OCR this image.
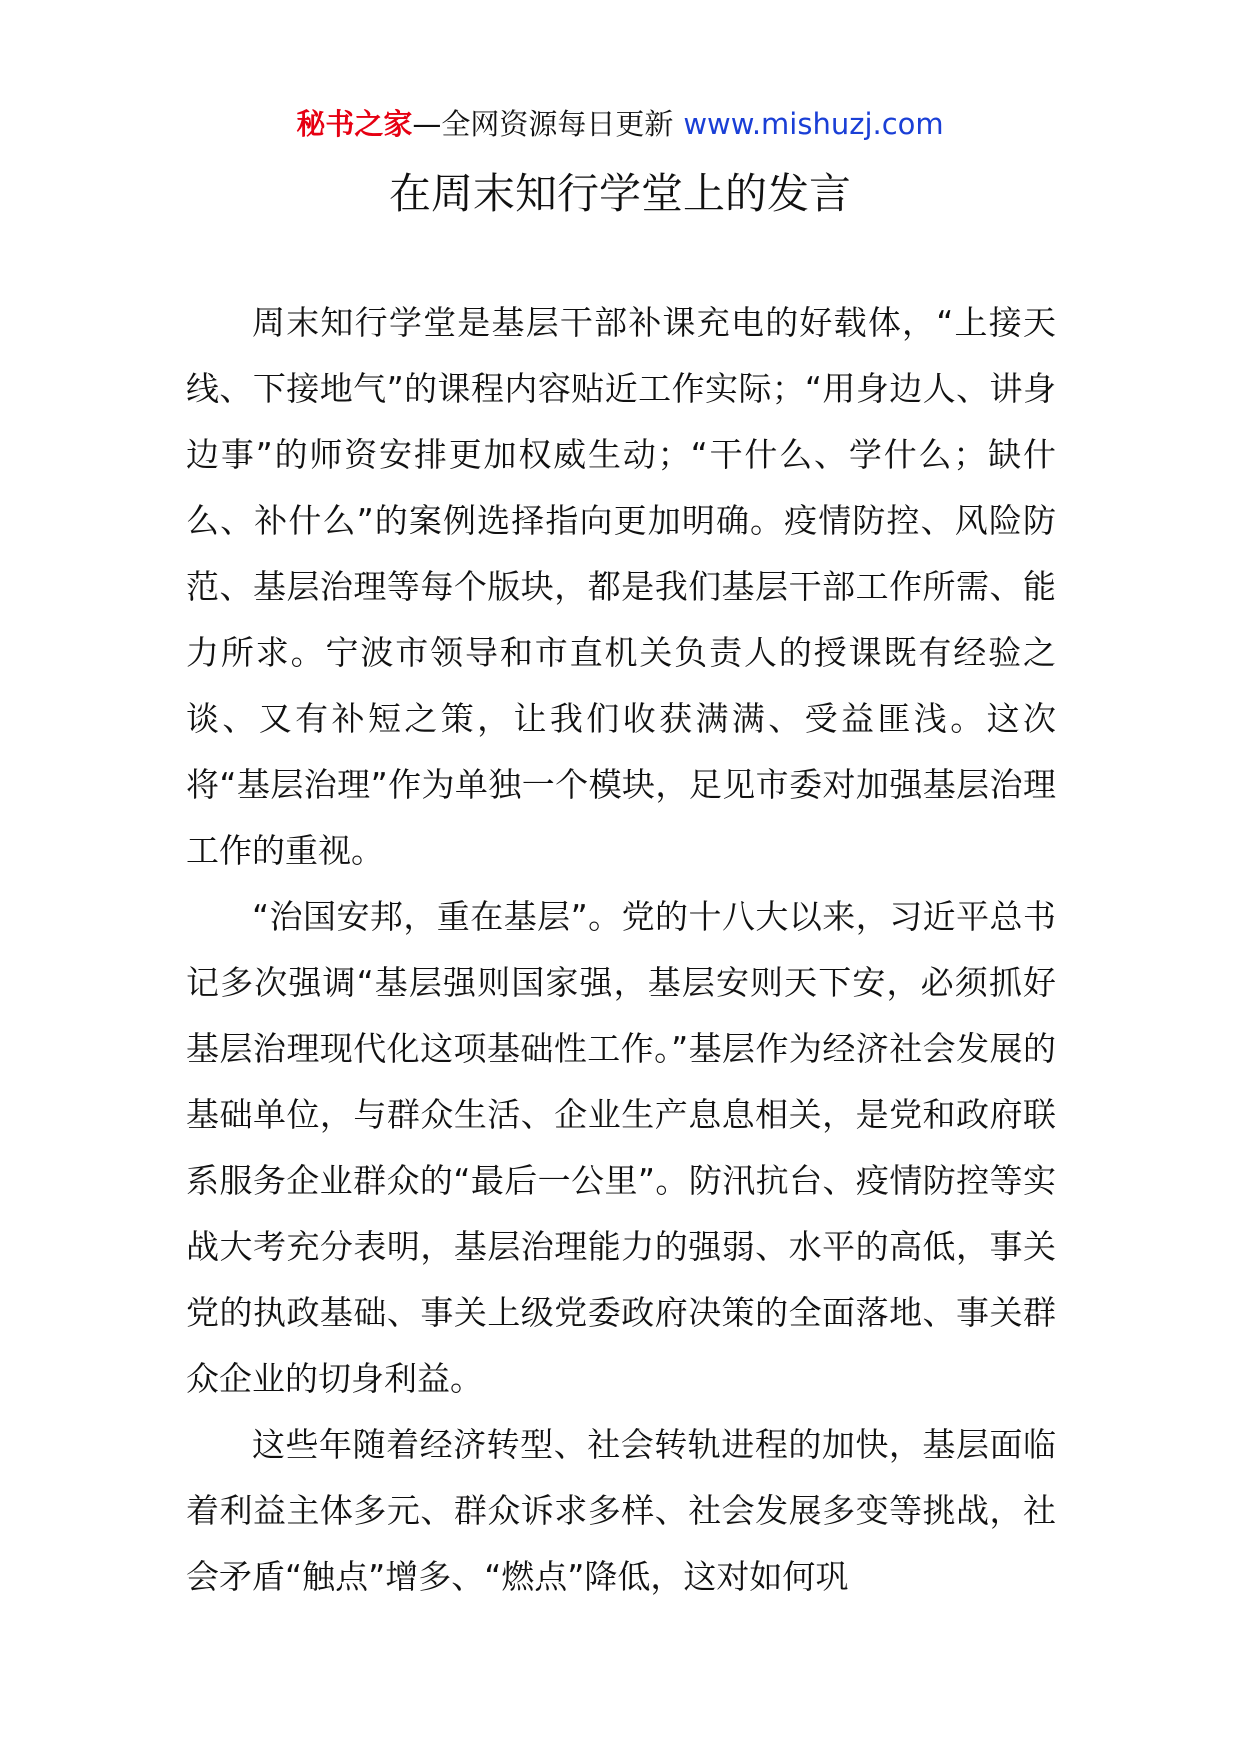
秘书之家—全网资源每日更新 www.mishuzj.com
在周末知行学堂上的发言

周末知行学堂是基层干部补课充电的好载体，“上接天线、下接地气”的课程内容贴近工作实际；“用身边人、讲身边事”的师资安排更加权威生动；“干什么、学什么；缺什么、补什么”的案例选择指向更加明确。疫情防控、风险防范、基层治理等每个版块，都是我们基层干部工作所需、能力所求。宁波市领导和市直机关负责人的授课既有经验之谈、又有补短之策，让我们收获满满、受益匪浅。这次将“基层治理”作为单独一个模块，足见市委对加强基层治理工作的重视。

“治国安邦，重在基层”。党的十八大以来，习近平总书记多次强调“基层强则国家强，基层安则天下安，必须抓好基层治理现代化这项基础性工作。”基层作为经济社会发展的基础单位，与群众生活、企业生产息息相关，是党和政府联系服务企业群众的“最后一公里”。防汛抗台、疫情防控等实战大考充分表明，基层治理能力的强弱、水平的高低，事关党的执政基础、事关上级党委政府决策的全面落地、事关群众企业的切身利益。

这些年随着经济转型、社会转轨进程的加快，基层面临着利益主体多元、群众诉求多样、社会发展多变等挑战，社会矛盾“触点”增多、“燃点”降低，这对如何巩
